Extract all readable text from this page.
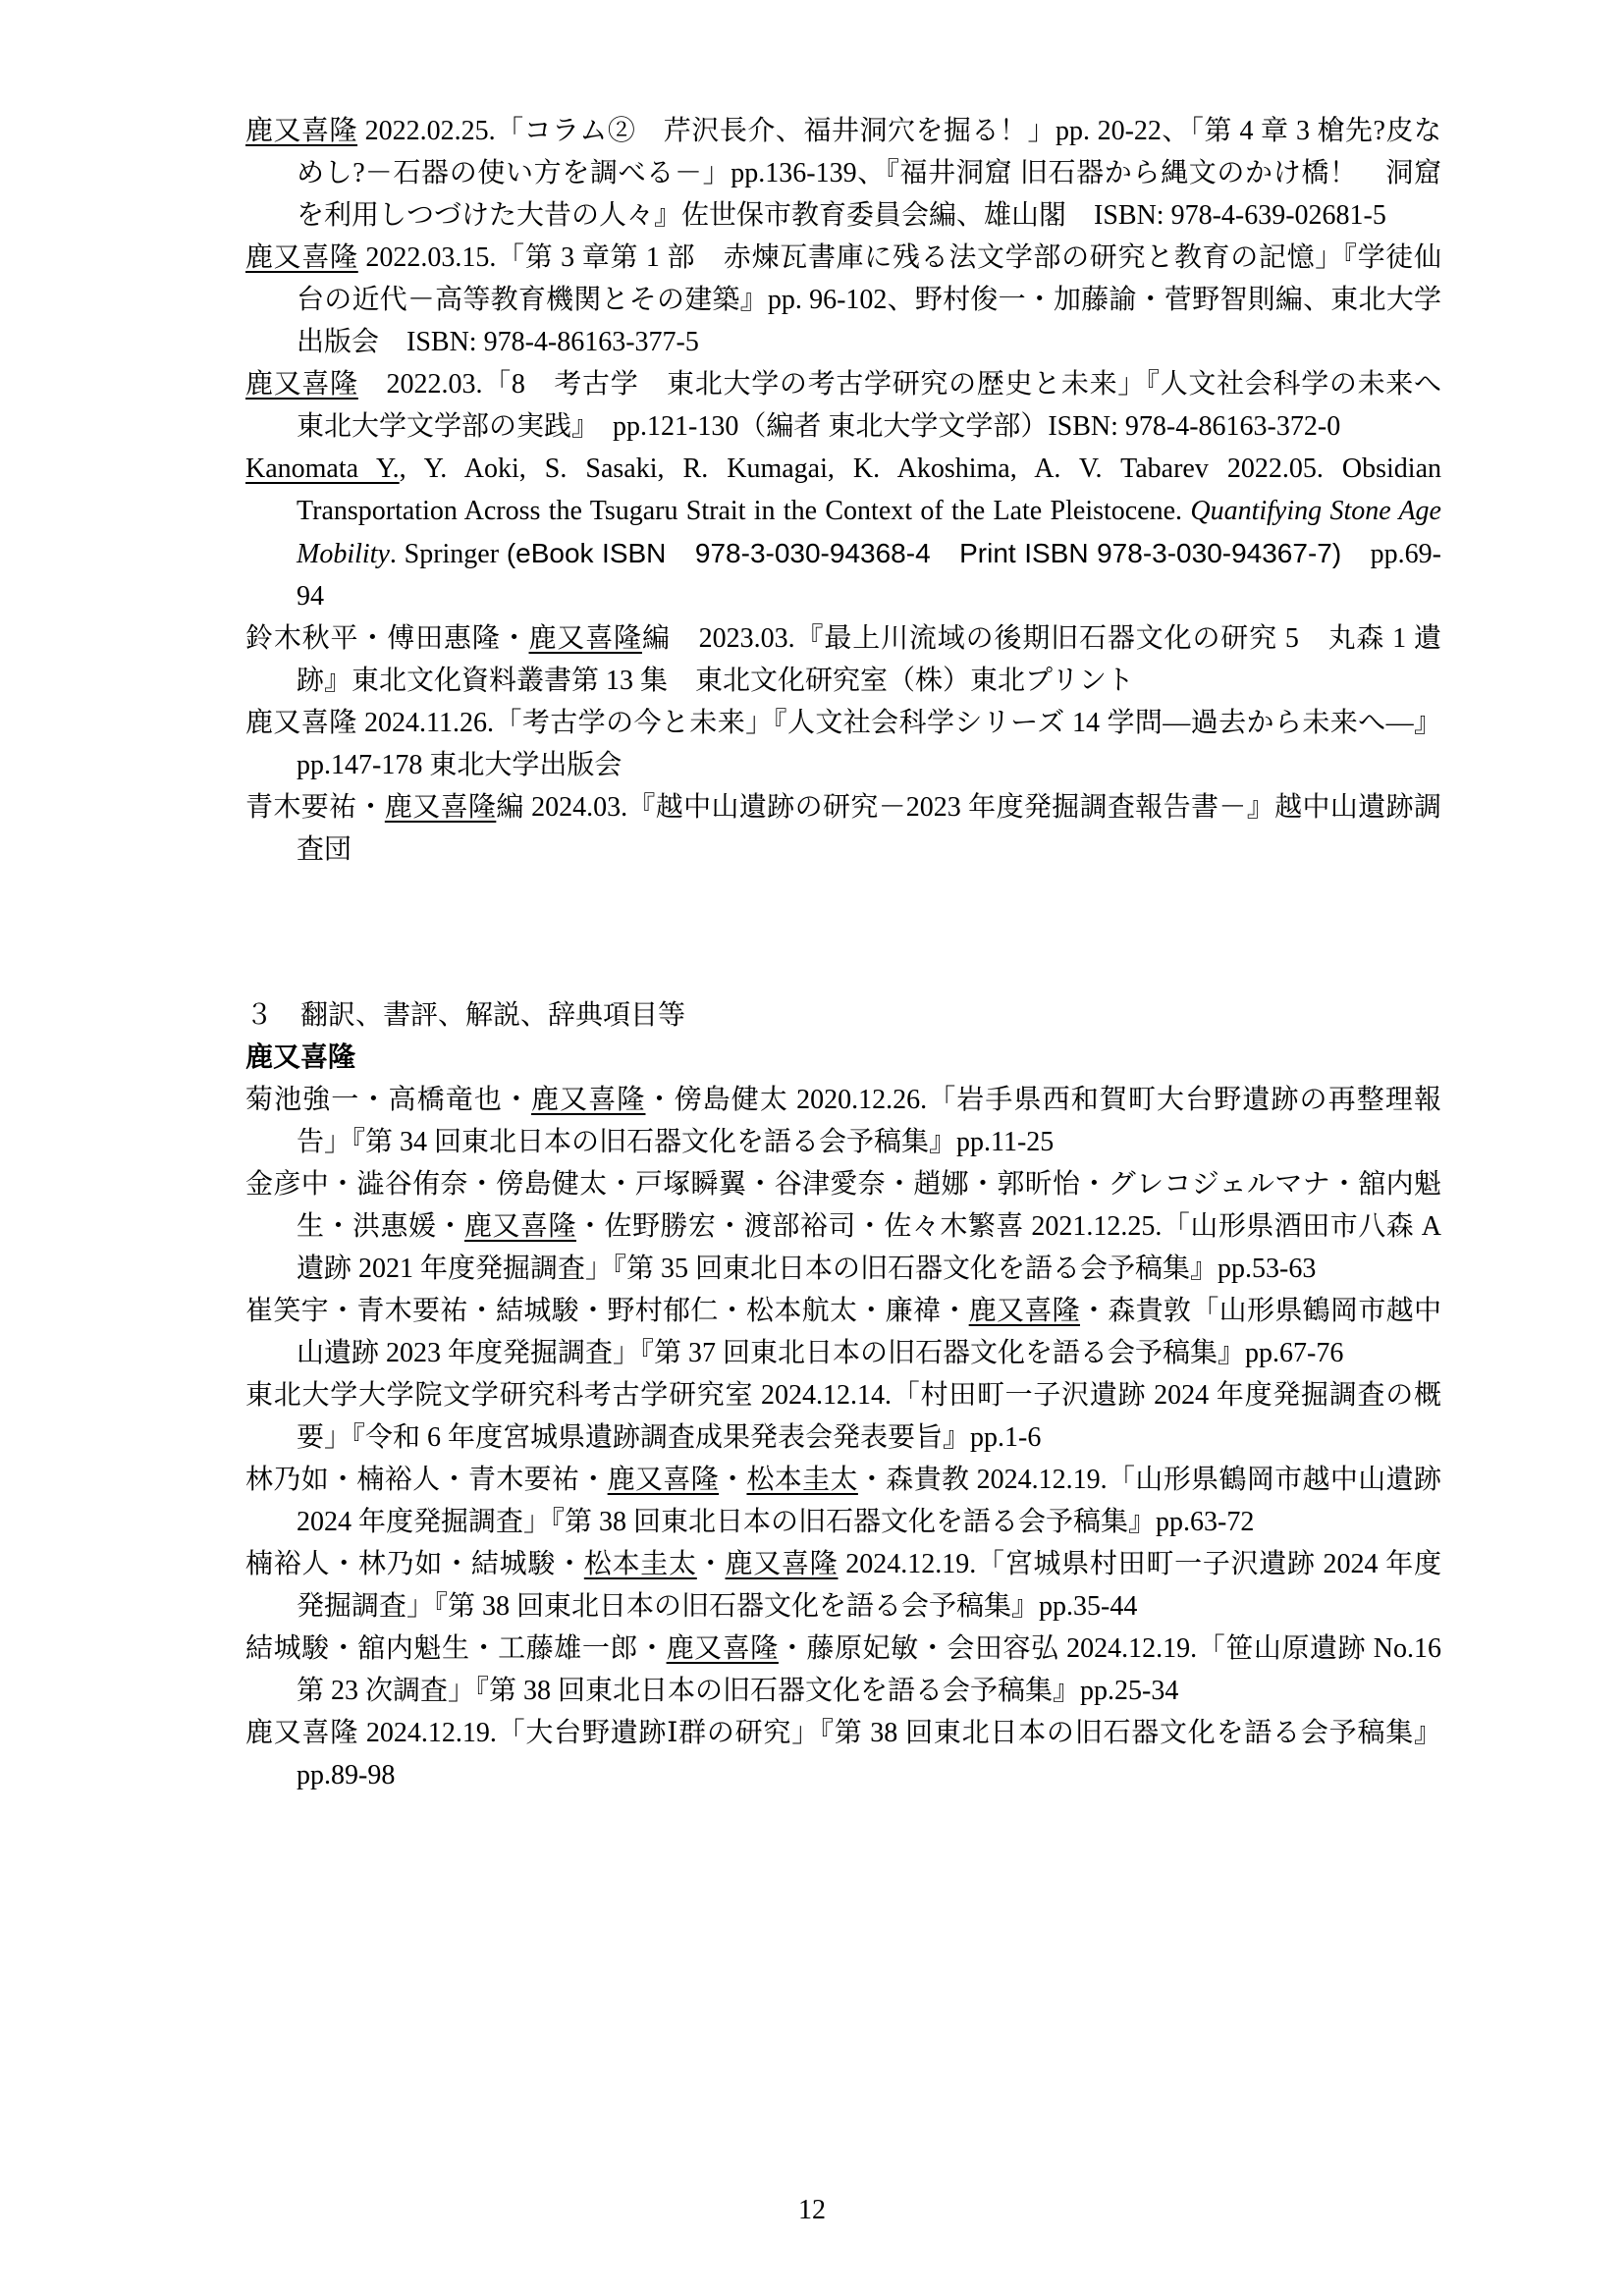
鹿又喜隆 2022.02.25.「コラム②　芹沢長介、福井洞穴を掘る！」pp. 20-22、「第 4 章 3 槍先?皮なめし?－石器の使い方を調べる－」pp.136-139、『福井洞窟 旧石器から縄文のかけ橋！　洞窟を利用しつづけた大昔の人々』佐世保市教育委員会編、雄山閣　ISBN: 978-4-639-02681-5

鹿又喜隆 2022.03.15.「第 3 章第 1 部　赤煉瓦書庫に残る法文学部の研究と教育の記憶」『学徒仙台の近代－高等教育機関とその建築』pp. 96-102、野村俊一・加藤諭・菅野智則編、東北大学出版会　ISBN: 978-4-86163-377-5

鹿又喜隆　2022.03.「8　考古学　東北大学の考古学研究の歴史と未来」『人文社会科学の未来へ　東北大学文学部の実践』　pp.121-130（編者 東北大学文学部）ISBN: 978-4-86163-372-0

Kanomata Y., Y. Aoki, S. Sasaki, R. Kumagai, K. Akoshima, A. V. Tabarev 2022.05. Obsidian Transportation Across the Tsugaru Strait in the Context of the Late Pleistocene. Quantifying Stone Age Mobility. Springer (eBook ISBN　978-3-030-94368-4　Print ISBN 978-3-030-94367-7)　pp.69-94

鈴木秋平・傅田惠隆・鹿又喜隆編　2023.03.『最上川流域の後期旧石器文化の研究 5　丸森 1 遺跡』東北文化資料叢書第 13 集　東北文化研究室（株）東北プリント

鹿又喜隆 2024.11.26.「考古学の今と未来」『人文社会科学シリーズ 14 学問―過去から未来へ―』pp.147-178 東北大学出版会

青木要祐・鹿又喜隆編 2024.03.『越中山遺跡の研究－2023 年度発掘調査報告書－』越中山遺跡調査団

３　翻訳、書評、解説、辞典項目等
鹿又喜隆

菊池強一・高橋竜也・鹿又喜隆・傍島健太 2020.12.26.「岩手県西和賀町大台野遺跡の再整理報告」『第 34 回東北日本の旧石器文化を語る会予稿集』pp.11-25

金彦中・澁谷侑奈・傍島健太・戸塚瞬翼・谷津愛奈・趙娜・郭昕怡・グレコジェルマナ・舘内魁生・洪惠媛・鹿又喜隆・佐野勝宏・渡部裕司・佐々木繁喜 2021.12.25.「山形県酒田市八森 A 遺跡 2021 年度発掘調査」『第 35 回東北日本の旧石器文化を語る会予稿集』pp.53-63

崔笑宇・青木要祐・結城駿・野村郁仁・松本航太・廉禕・鹿又喜隆・森貴敦「山形県鶴岡市越中山遺跡 2023 年度発掘調査」『第 37 回東北日本の旧石器文化を語る会予稿集』pp.67-76

東北大学大学院文学研究科考古学研究室 2024.12.14.「村田町一子沢遺跡 2024 年度発掘調査の概要」『令和 6 年度宮城県遺跡調査成果発表会発表要旨』pp.1-6

林乃如・楠裕人・青木要祐・鹿又喜隆・松本圭太・森貴教 2024.12.19.「山形県鶴岡市越中山遺跡 2024 年度発掘調査」『第 38 回東北日本の旧石器文化を語る会予稿集』pp.63-72

楠裕人・林乃如・結城駿・松本圭太・鹿又喜隆 2024.12.19.「宮城県村田町一子沢遺跡 2024 年度発掘調査」『第 38 回東北日本の旧石器文化を語る会予稿集』pp.35-44

結城駿・舘内魁生・工藤雄一郎・鹿又喜隆・藤原妃敏・会田容弘 2024.12.19.「笹山原遺跡 No.16 第 23 次調査」『第 38 回東北日本の旧石器文化を語る会予稿集』pp.25-34

鹿又喜隆 2024.12.19.「大台野遺跡Ⅰ群の研究」『第 38 回東北日本の旧石器文化を語る会予稿集』pp.89-98

12
